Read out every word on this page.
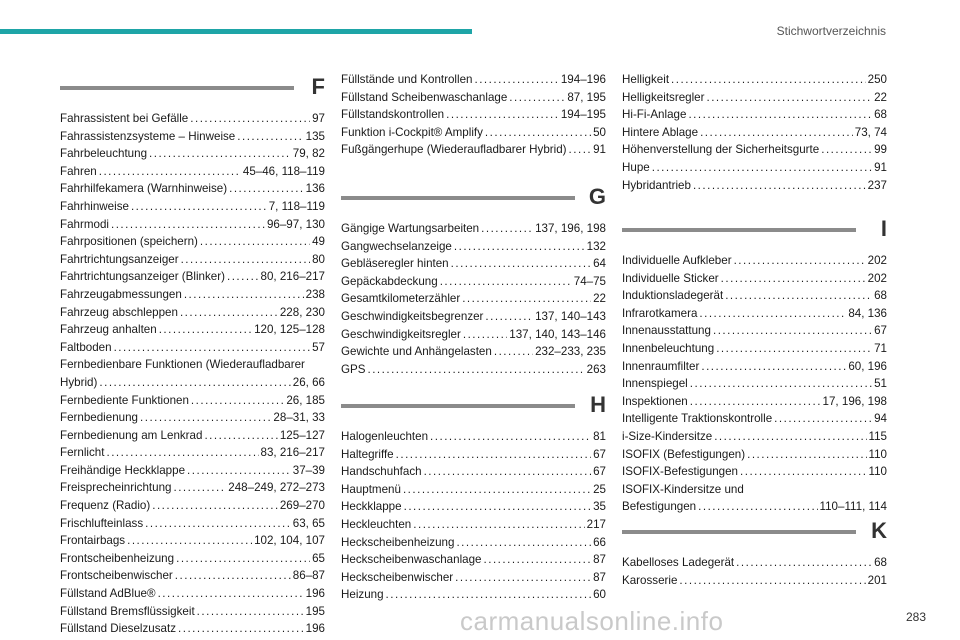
Stichwortverzeichnis
F
Fahrassistent bei Gefälle .....	97
Fahrassistenzsysteme – Hinweise .....	135
Fahrbeleuchtung .....	79, 82
Fahren .....	45–46, 118–119
Fahrhilfekamera (Warnhinweise) .....	136
Fahrhinweise .....	7, 118–119
Fahrmodi .....	96–97, 130
Fahrpositionen (speichern) .....	49
Fahrtrichtungsanzeiger .....	80
Fahrtrichtungsanzeiger (Blinker) .....	80, 216–217
Fahrzeugabmessungen .....	238
Fahrzeug abschleppen .....	228, 230
Fahrzeug anhalten .....	120, 125–128
Faltboden .....	57
Fernbedienbare Funktionen (Wiederaufladbarer
Hybrid) .....	26, 66
Fernbediente Funktionen .....	26, 185
Fernbedienung .....	28–31, 33
Fernbedienung am Lenkrad .....	125–127
Fernlicht .....	83, 216–217
Freihändige Heckklappe .....	37–39
Freisprecheinrichtung .....	248–249, 272–273
Frequenz (Radio) .....	269–270
Frischlufteinlass .....	63, 65
Frontairbags .....	102, 104, 107
Frontscheibenheizung .....	65
Frontscheibenwischer .....	86–87
Füllstand AdBlue® .....	196
Füllstand Bremsflüssigkeit .....	195
Füllstand Dieselzusatz .....	196
Füllstände und Kontrollen .....	194–196
Füllstand Scheibenwaschanlage .....	87, 195
Füllstandskontrollen .....	194–195
Funktion i-Cockpit® Amplify .....	50
Fußgängerhupe (Wiederaufladbarer Hybrid) ..... 91
G
Gängige Wartungsarbeiten .....	137, 196, 198
Gangwechselanzeige .....	132
Gebläseregler hinten .....	64
Gepäckabdeckung .....	74–75
Gesamtkilometerzähler .....	22
Geschwindigkeitsbegrenzer .....	137, 140–143
Geschwindigkeitsregler .....	137, 140, 143–146
Gewichte und Anhängelasten .....	232–233, 235
GPS .....	263
H
Halogenleuchten .....	81
Haltegriffe .....	67
Handschuhfach .....	67
Hauptmenü .....	25
Heckklappe .....	35
Heckleuchten .....	217
Heckscheibenheizung .....	66
Heckscheibenwaschanlage .....	87
Heckscheibenwischer .....	87
Heizung .....	60
Helligkeit .....	250
Helligkeitsregler .....	22
Hi-Fi-Anlage .....	68
Hintere Ablage .....	73, 74
Höhenverstellung der Sicherheitsgurte .....	99
Hupe .....	91
Hybridantrieb .....	237
I
Individuelle Aufkleber .....	202
Individuelle Sticker .....	202
Induktionsladegerät .....	68
Infrarotkamera .....	84, 136
Innenausstattung .....	67
Innenbeleuchtung .....	71
Innenraumfilter .....	60, 196
Innenspiegel .....	51
Inspektionen .....	17, 196, 198
Intelligente Traktionskontrolle .....	94
i-Size-Kindersitze .....	115
ISOFIX (Befestigungen) .....	110
ISOFIX-Befestigungen .....	110
ISOFIX-Kindersitze und
Befestigungen .....	110–111, 114
K
Kabelloses Ladegerät .....	68
Karosserie .....	201
carmanualsonline.info	283
